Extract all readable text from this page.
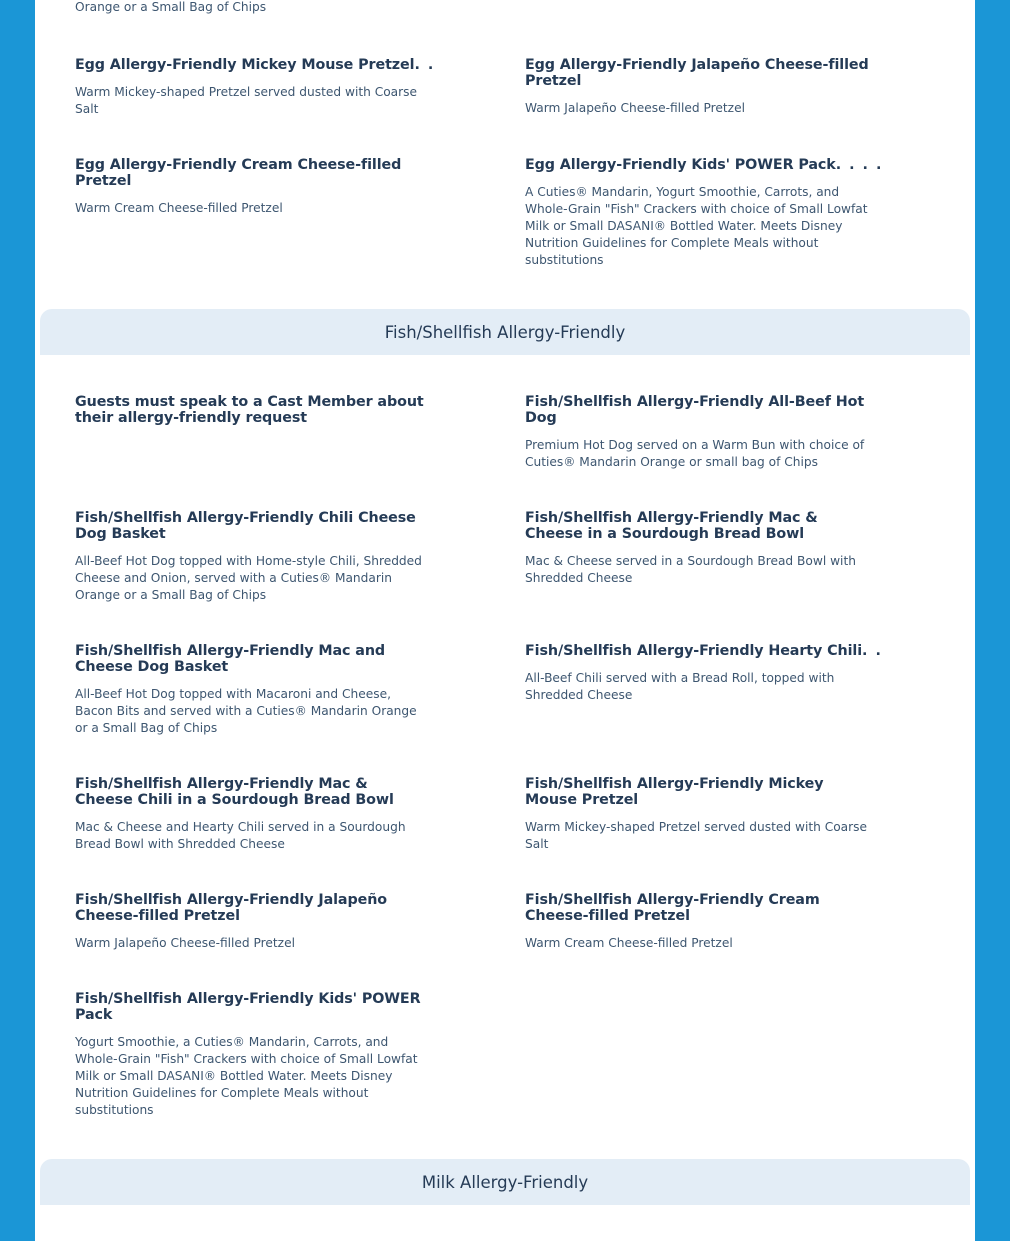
Orange or a Small Bag of Chips
Egg Allergy-Friendly Mickey Mouse Pretzel ..
Warm Mickey-shaped Pretzel served dusted with Coarse Salt
Egg Allergy-Friendly Jalapeño Cheese-filled Pretzel
Warm Jalapeño Cheese-filled Pretzel
Egg Allergy-Friendly Cream Cheese-filled Pretzel
Warm Cream Cheese-filled Pretzel
Egg Allergy-Friendly Kids' POWER Pack ....
A Cuties® Mandarin, Yogurt Smoothie, Carrots, and Whole-Grain "Fish" Crackers with choice of Small Lowfat Milk or Small DASANI® Bottled Water. Meets Disney Nutrition Guidelines for Complete Meals without substitutions
Fish/Shellfish Allergy-Friendly
Guests must speak to a Cast Member about their allergy-friendly request
Fish/Shellfish Allergy-Friendly All-Beef Hot Dog
Premium Hot Dog served on a Warm Bun with choice of Cuties® Mandarin Orange or small bag of Chips
Fish/Shellfish Allergy-Friendly Chili Cheese Dog Basket
All-Beef Hot Dog topped with Home-style Chili, Shredded Cheese and Onion, served with a Cuties® Mandarin Orange or a Small Bag of Chips
Fish/Shellfish Allergy-Friendly Mac & Cheese in a Sourdough Bread Bowl
Mac & Cheese served in a Sourdough Bread Bowl with Shredded Cheese
Fish/Shellfish Allergy-Friendly Mac and Cheese Dog Basket
All-Beef Hot Dog topped with Macaroni and Cheese, Bacon Bits and served with a Cuties® Mandarin Orange or a Small Bag of Chips
Fish/Shellfish Allergy-Friendly Hearty Chili ..
All-Beef Chili served with a Bread Roll, topped with Shredded Cheese
Fish/Shellfish Allergy-Friendly Mac & Cheese Chili in a Sourdough Bread Bowl
Mac & Cheese and Hearty Chili served in a Sourdough Bread Bowl with Shredded Cheese
Fish/Shellfish Allergy-Friendly Mickey Mouse Pretzel
Warm Mickey-shaped Pretzel served dusted with Coarse Salt
Fish/Shellfish Allergy-Friendly Jalapeño Cheese-filled Pretzel
Warm Jalapeño Cheese-filled Pretzel
Fish/Shellfish Allergy-Friendly Cream Cheese-filled Pretzel
Warm Cream Cheese-filled Pretzel
Fish/Shellfish Allergy-Friendly Kids' POWER Pack
Yogurt Smoothie, a Cuties® Mandarin, Carrots, and Whole-Grain "Fish" Crackers with choice of Small Lowfat Milk or Small DASANI® Bottled Water. Meets Disney Nutrition Guidelines for Complete Meals without substitutions
Milk Allergy-Friendly
